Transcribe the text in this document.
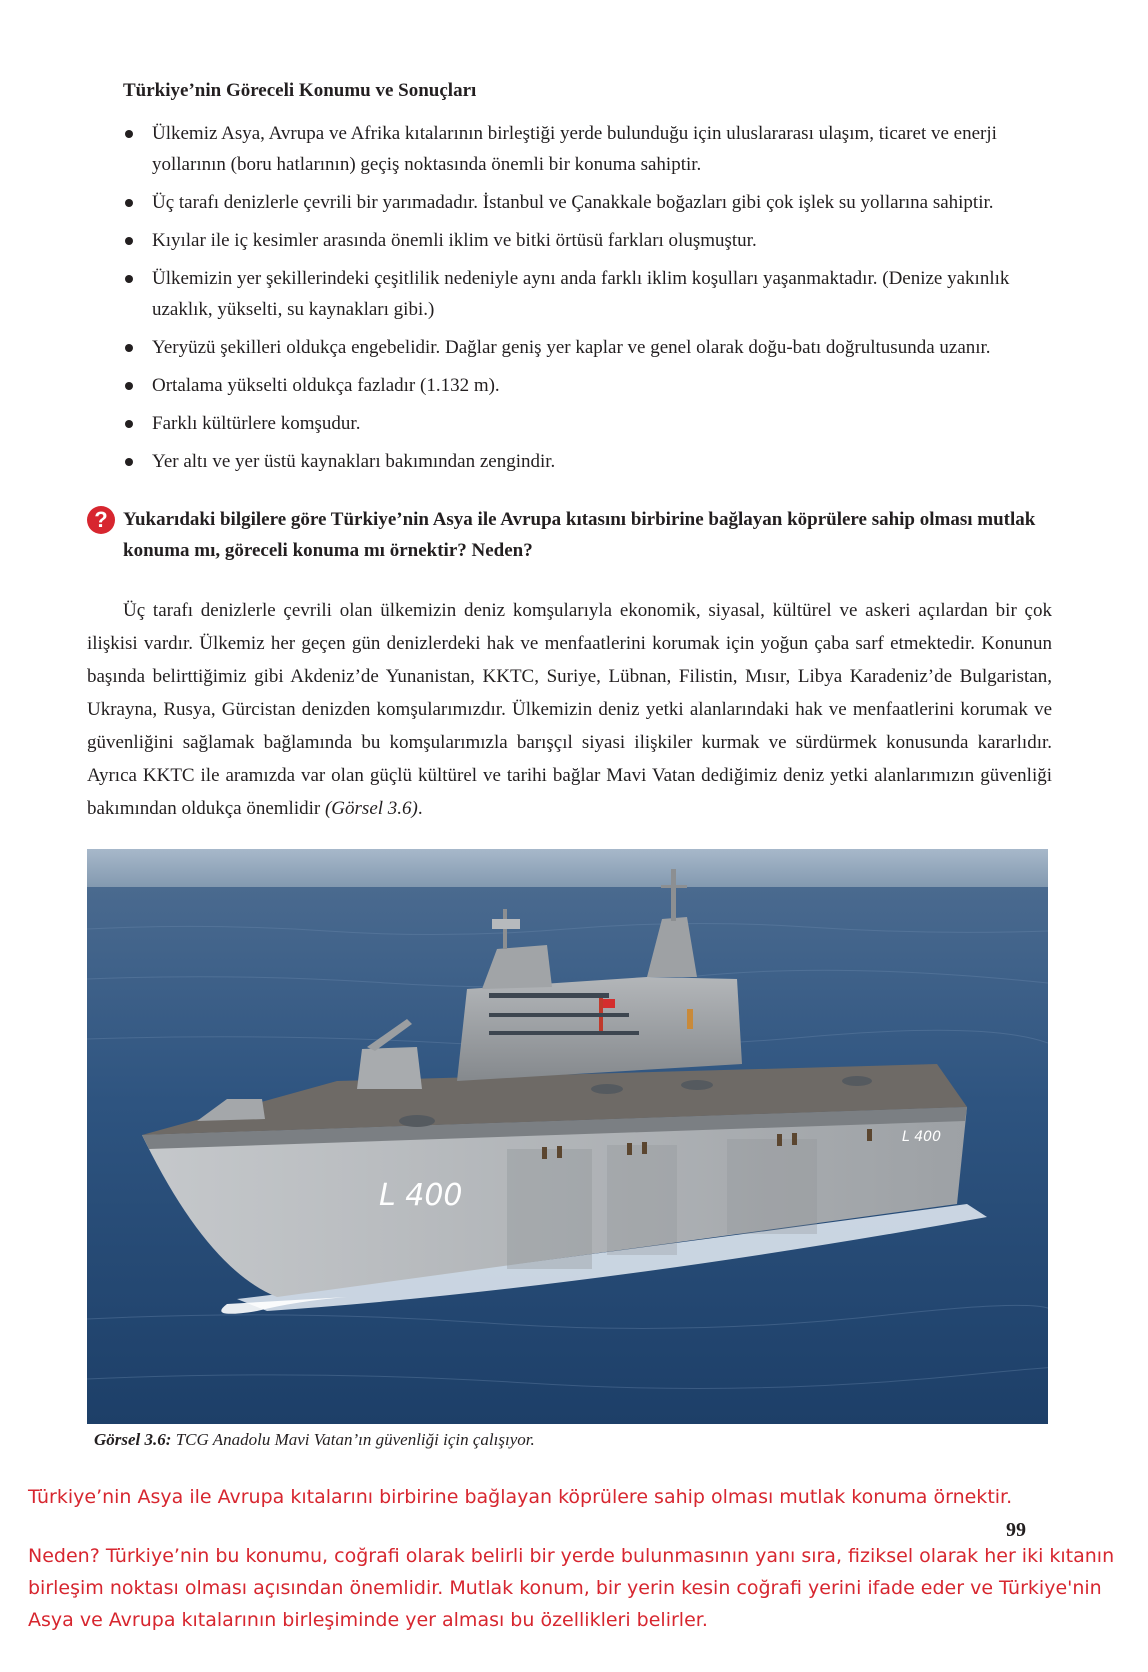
Türkiye’nin Göreceli Konumu ve Sonuçları
Ülkemiz Asya, Avrupa ve Afrika kıtalarının birleştiği yerde bulunduğu için uluslararası ulaşım, ticaret ve enerji yollarının (boru hatlarının) geçiş noktasında önemli bir konuma sahiptir.
Üç tarafı denizlerle çevrili bir yarımadadır. İstanbul ve Çanakkale boğazları gibi çok işlek su yollarına sahiptir.
Kıyılar ile iç kesimler arasında önemli iklim ve bitki örtüsü farkları oluşmuştur.
Ülkemizin yer şekillerindeki çeşitlilik nedeniyle aynı anda farklı iklim koşulları yaşanmaktadır. (Denize yakınlık uzaklık, yükselti, su kaynakları gibi.)
Yeryüzü şekilleri oldukça engebelidir. Dağlar geniş yer kaplar ve genel olarak doğu-batı doğrultusunda uzanır.
Ortalama yükselti oldukça fazladır (1.132 m).
Farklı kültürlere komşudur.
Yer altı ve yer üstü kaynakları bakımından zengindir.
? Yukarıdaki bilgilere göre Türkiye’nin Asya ile Avrupa kıtasını birbirine bağlayan köprülere sahip olması mutlak konuma mı, göreceli konuma mı örnektir? Neden?

Üç tarafı denizlerle çevrili olan ülkemizin deniz komşularıyla ekonomik, siyasal, kültürel ve askeri açılardan bir çok ilişkisi vardır. Ülkemiz her geçen gün denizlerdeki hak ve menfaatlerini korumak için yoğun çaba sarf etmektedir. Konunun başında belirttiğimiz gibi Akdeniz’de Yunanistan, KKTC, Suriye, Lübnan, Filistin, Mısır, Libya Karadeniz’de Bulgaristan, Ukrayna, Rusya, Gürcistan denizden komşularımızdır. Ülkemizin deniz yetki alanlarındaki hak ve menfaatlerini korumak ve güvenliğini sağlamak bağlamında bu komşularımızla barışçıl siyasi ilişkiler kurmak ve sürdürmek konusunda kararlıdır. Ayrıca KKTC ile aramızda var olan güçlü kültürel ve tarihi bağlar Mavi Vatan dediğimiz deniz yetki alanlarımızın güvenliği bakımından oldukça önemlidir (Görsel 3.6).

L 400
L 400

Görsel 3.6: TCG Anadolu Mavi Vatan’ın güvenliği için çalışıyor.

Türkiye’nin Asya ile Avrupa kıtalarını birbirine bağlayan köprülere sahip olması mutlak konuma örnektir.

99

Neden? Türkiye’nin bu konumu, coğrafi olarak belirli bir yerde bulunmasının yanı sıra, fiziksel olarak her iki kıtanın
birleşim noktası olması açısından önemlidir. Mutlak konum, bir yerin kesin coğrafi yerini ifade eder ve Türkiye'nin
Asya ve Avrupa kıtalarının birleşiminde yer alması bu özellikleri belirler.
